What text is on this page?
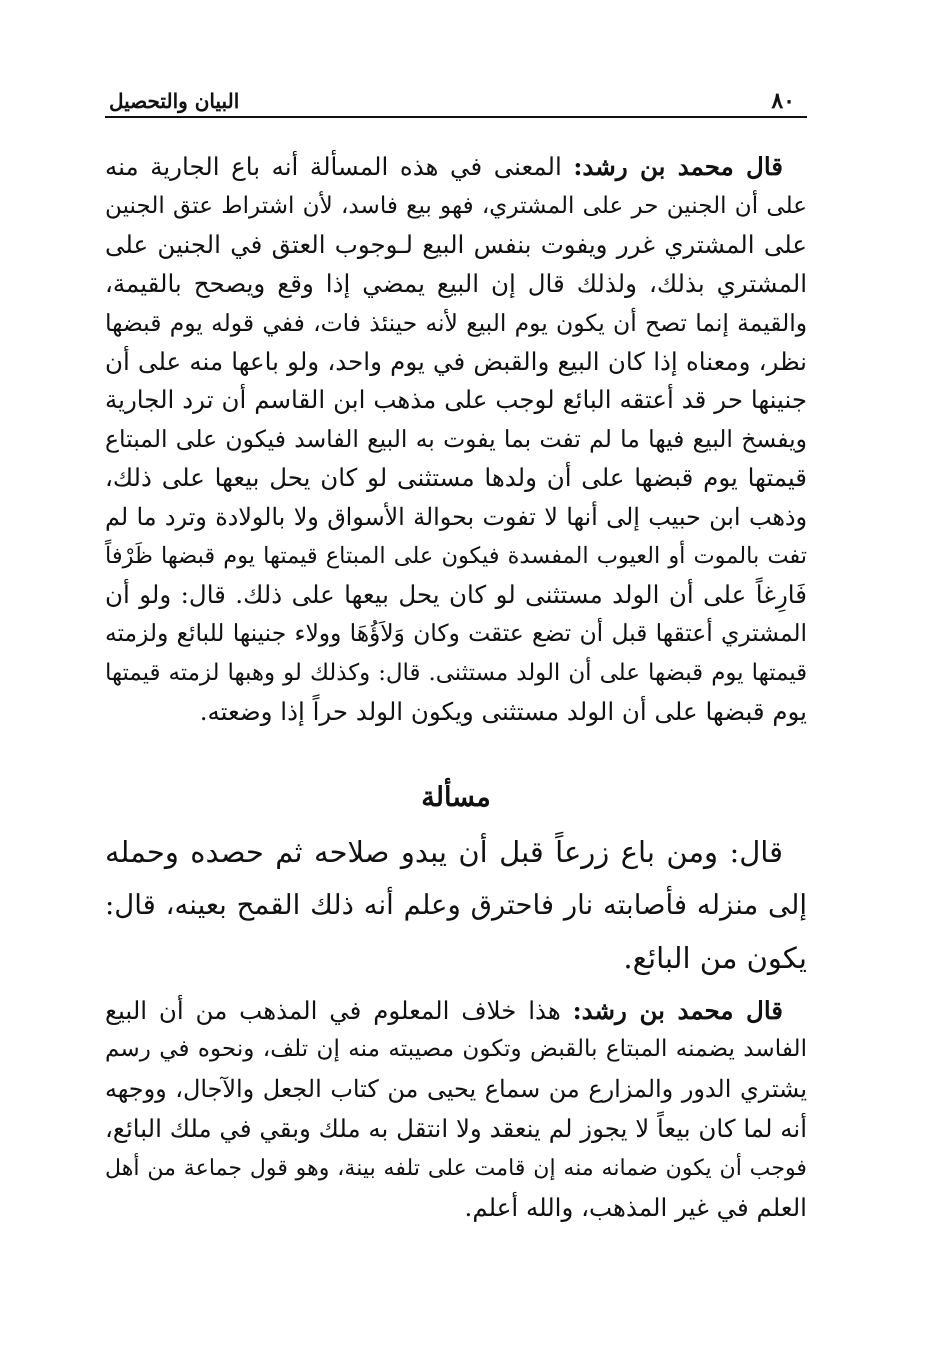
٨٠
البيان والتحصيل
قال محمد بن رشد: المعنى في هذه المسألة أنه باع الجارية منه
على أن الجنين حر على المشتري، فهو بيع فاسد، لأن اشتراط عتق الجنين
على المشتري غرر ويفوت بنفس البيع لـوجوب العتق في الجنين على
المشتري بذلك، ولذلك قال إن البيع يمضي إذا وقع ويصحح بالقيمة،
والقيمة إنما تصح أن يكون يوم البيع لأنه حينئذ فات، ففي قوله يوم قبضها
نظر، ومعناه إذا كان البيع والقبض في يوم واحد، ولو باعها منه على أن
جنينها حر قد أعتقه البائع لوجب على مذهب ابن القاسم أن ترد الجارية
ويفسخ البيع فيها ما لم تفت بما يفوت به البيع الفاسد فيكون على المبتاع
قيمتها يوم قبضها على أن ولدها مستثنى لو كان يحل بيعها على ذلك،
وذهب ابن حبيب إلى أنها لا تفوت بحوالة الأسواق ولا بالولادة وترد ما لم
تفت بالموت أو العيوب المفسدة فيكون على المبتاع قيمتها يوم قبضها ظَرْفاً
فَارِغاً على أن الولد مستثنى لو كان يحل بيعها على ذلك. قال: ولو أن
المشتري أعتقها قبل أن تضع عتقت وكان وَلاَؤُهَا وولاء جنينها للبائع ولزمته
قيمتها يوم قبضها على أن الولد مستثنى. قال: وكذلك لو وهبها لزمته قيمتها
يوم قبضها على أن الولد مستثنى ويكون الولد حراً إذا وضعته.
مسألة
قال: ومن باع زرعاً قبل أن يبدو صلاحه ثم حصده وحمله
إلى منزله فأصابته نار فاحترق وعلم أنه ذلك القمح بعينه، قال:
يكون من البائع.
قال محمد بن رشد: هذا خلاف المعلوم في المذهب من أن البيع
الفاسد يضمنه المبتاع بالقبض وتكون مصيبته منه إن تلف، ونحوه في رسم
يشتري الدور والمزارع من سماع يحيى من كتاب الجعل والآجال، ووجهه
أنه لما كان بيعاً لا يجوز لم ينعقد ولا انتقل به ملك وبقي في ملك البائع،
فوجب أن يكون ضمانه منه إن قامت على تلفه بينة، وهو قول جماعة من أهل
العلم في غير المذهب، والله أعلم.
